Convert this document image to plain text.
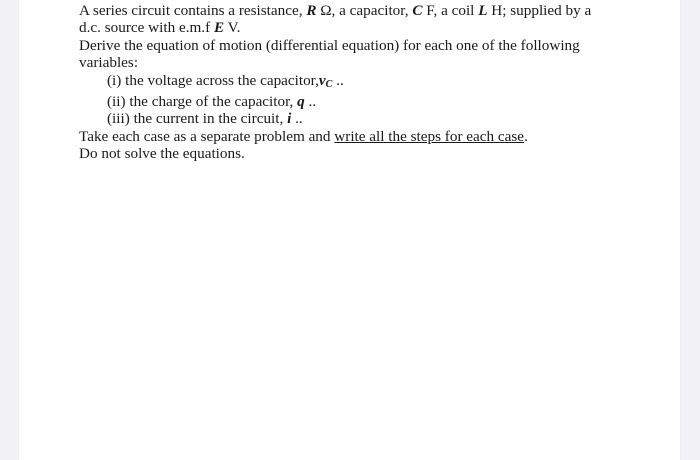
A series circuit contains a resistance, R Ω, a capacitor, C F, a coil L H; supplied by a
d.c. source with e.m.f E V.
Derive the equation of motion (differential equation) for each one of the following
variables:
(i) the voltage across the $capacitor,v_C$ ..
(ii) the charge of the capacitor, q ..
(iii) the current in the circuit, i ..
Take each case as a separate problem and write all the steps for each case.
Do not solve the equations.
